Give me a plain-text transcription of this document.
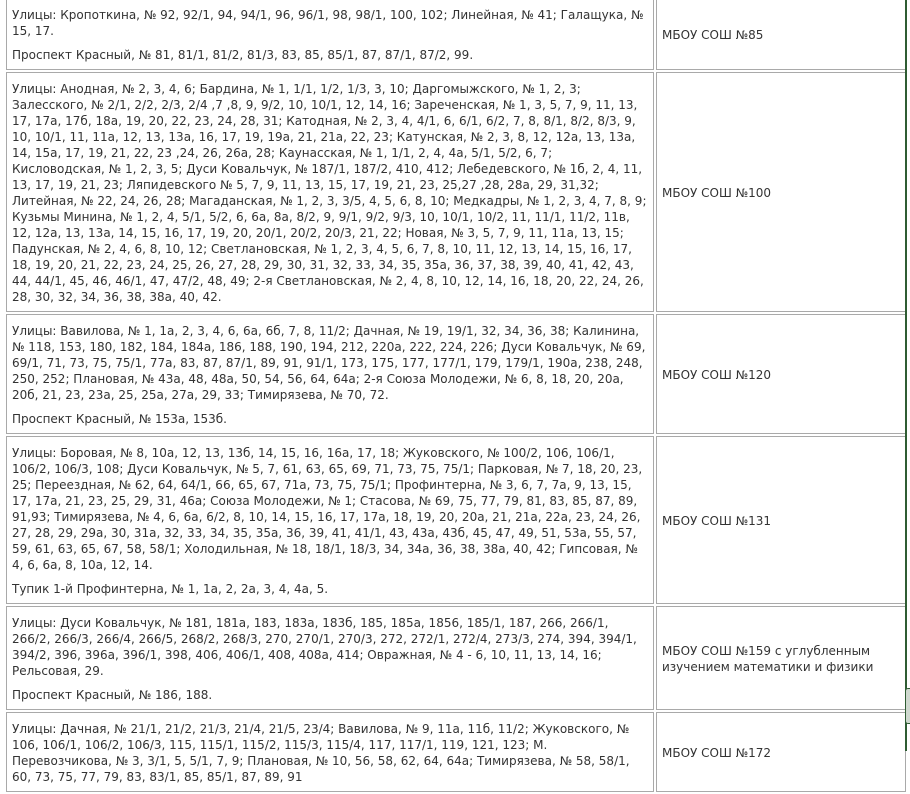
Улицы: Кропоткина, № 92, 92/1, 94, 94/1, 96, 96/1, 98, 98/1, 100, 102; Линейная, № 41; Галащука, № 15, 17.

Проспект Красный, № 81, 81/1, 81/2, 81/3, 83, 85, 85/1, 87, 87/1, 87/2, 99.	МБОУ СОШ №85

Улицы: Анодная, № 2, 3, 4, 6; Бардина, № 1, 1/1, 1/2, 1/3, 3, 10; Даргомыжского, № 1, 2, 3; Залесского, № 2/1, 2/2, 2/3, 2/4 ,7 ,8, 9, 9/2, 10, 10/1, 12, 14, 16; Зареченская, № 1, 3, 5, 7, 9, 11, 13, 17, 17а, 17б, 18а, 19, 20, 22, 23, 24, 28, 31; Катодная, № 2, 3, 4, 4/1, 6, 6/1, 6/2, 7, 8, 8/1, 8/2, 8/3, 9, 10, 10/1, 11, 11а, 12, 13, 13а, 16, 17, 19, 19а, 21, 21а, 22, 23; Катунская, № 2, 3, 8, 12, 12а, 13, 13а, 14, 15а, 17, 19, 21, 22, 23 ,24, 26, 26а, 28; Каунасская, № 1, 1/1, 2, 4, 4а, 5/1, 5/2, 6, 7; Кисловодская, № 1, 2, 3, 5; Дуси Ковальчук, № 187/1, 187/2, 410, 412; Лебедевского, № 1б, 2, 4, 11, 13, 17, 19, 21, 23; Ляпидевского № 5, 7, 9, 11, 13, 15, 17, 19, 21, 23, 25,27 ,28, 28а, 29, 31,32; Литейная, № 22, 24, 26, 28; Магаданская, № 1, 2, 3, 3/5, 4, 5, 6, 8, 10; Медкадры, № 1, 2, 3, 4, 7, 8, 9; Кузьмы Минина, № 1, 2, 4, 5/1, 5/2, 6, 6а, 8а, 8/2, 9, 9/1, 9/2, 9/3, 10, 10/1, 10/2, 11, 11/1, 11/2, 11в, 12, 12а, 13, 13а, 14, 15, 16, 17, 19, 20, 20/1, 20/2, 20/3, 21, 22; Новая, № 3, 5, 7, 9, 11, 11а, 13, 15; Падунская, № 2, 4, 6, 8, 10, 12; Светлановская, № 1, 2, 3, 4, 5, 6, 7, 8, 10, 11, 12, 13, 14, 15, 16, 17, 18, 19, 20, 21, 22, 23, 24, 25, 26, 27, 28, 29, 30, 31, 32, 33, 34, 35, 35а, 36, 37, 38, 39, 40, 41, 42, 43, 44, 44/1, 45, 46, 46/1, 47, 47/2, 48, 49; 2-я Светлановская, № 2, 4, 8, 10, 12, 14, 16, 18, 20, 22, 24, 26, 28, 30, 32, 34, 36, 38, 38а, 40, 42.	МБОУ СОШ №100

Улицы: Вавилова, № 1, 1а, 2, 3, 4, 6, 6а, 6б, 7, 8, 11/2; Дачная, № 19, 19/1, 32, 34, 36, 38; Калинина, № 118, 153, 180, 182, 184, 184а, 186, 188, 190, 194, 212, 220а, 222, 224, 226; Дуси Ковальчук, № 69, 69/1, 71, 73, 75, 75/1, 77а, 83, 87, 87/1, 89, 91, 91/1, 173, 175, 177, 177/1, 179, 179/1, 190а, 238, 248, 250, 252; Плановая, № 43а, 48, 48а, 50, 54, 56, 64, 64а; 2-я Союза Молодежи, № 6, 8, 18, 20, 20а, 20б, 21, 23, 23а, 25, 25а, 27а, 29, 33; Тимирязева, № 70, 72.

Проспект Красный, № 153а, 153б.	МБОУ СОШ №120

Улицы: Боровая, № 8, 10а, 12, 13, 13б, 14, 15, 16, 16а, 17, 18; Жуковского, № 100/2, 106, 106/1, 106/2, 106/3, 108; Дуси Ковальчук, № 5, 7, 61, 63, 65, 69, 71, 73, 75, 75/1; Парковая, № 7, 18, 20, 23, 25; Переездная, № 62, 64, 64/1, 66, 65, 67, 71а, 73, 75, 75/1; Профинтерна, № 3, 6, 7, 7а, 9, 13, 15, 17, 17а, 21, 23, 25, 29, 31, 46а; Союза Молодежи, № 1; Стасова, № 69, 75, 77, 79, 81, 83, 85, 87, 89, 91,93; Тимирязева, № 4, 6, 6а, 6/2, 8, 10, 14, 15, 16, 17, 17а, 18, 19, 20, 20а, 21, 21а, 22а, 23, 24, 26, 27, 28, 29, 29а, 30, 31а, 32, 33, 34, 35, 35а, 36, 39, 41, 41/1, 43, 43а, 43б, 45, 47, 49, 51, 53а, 55, 57, 59, 61, 63, 65, 67, 58, 58/1; Холодильная, № 18, 18/1, 18/3, 34, 34а, 36, 38, 38а, 40, 42; Гипсовая, № 4, 6, 6а, 8, 10а, 12, 14.

Тупик 1-й Профинтерна, № 1, 1а, 2, 2а, 3, 4, 4а, 5.	МБОУ СОШ №131

Улицы: Дуси Ковальчук, № 181, 181а, 183, 183а, 183б, 185, 185а, 1856, 185/1, 187, 266, 266/1, 266/2, 266/3, 266/4, 266/5, 268/2, 268/3, 270, 270/1, 270/3, 272, 272/1, 272/4, 273/3, 274, 394, 394/1, 394/2, 396, 396а, 396/1, 398, 406, 406/1, 408, 408а, 414; Овражная, № 4 - 6, 10, 11, 13, 14, 16; Рельсовая, 29.

Проспект Красный, № 186, 188.	МБОУ СОШ №159 с углубленным изучением математики и физики

Улицы: Дачная, № 21/1, 21/2, 21/3, 21/4, 21/5, 23/4; Вавилова, № 9, 11а, 11б, 11/2; Жуковского, № 106, 106/1, 106/2, 106/3, 115, 115/1, 115/2, 115/3, 115/4, 117, 117/1, 119, 121, 123; М. Перевозчикова, № 3, 3/1, 5, 5/1, 7, 9; Плановая, № 10, 56, 58, 62, 64, 64а; Тимирязева, № 58, 58/1, 60, 73, 75, 77, 79, 83, 83/1, 85, 85/1, 87, 89, 91	МБОУ СОШ №172
